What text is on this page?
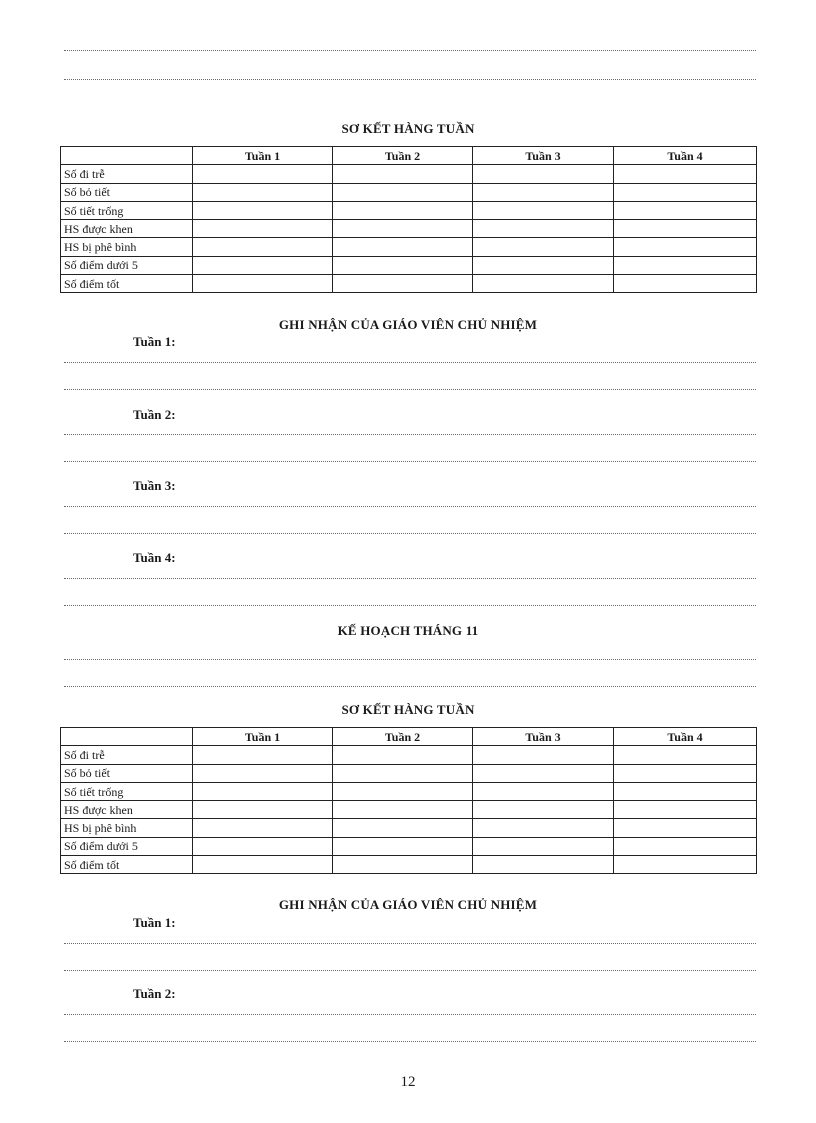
SƠ KẾT HÀNG TUẦN
	Tuần 1	Tuần 2	Tuần 3	Tuần 4
Số đi trễ				
Số bỏ tiết				
Số tiết trống				
HS được khen				
HS bị phê bình				
Số điểm dưới 5				
Số điểm tốt				
GHI NHẬN CỦA GIÁO VIÊN CHỦ NHIỆM
Tuần 1:
Tuần 2:
Tuần 3:
Tuần 4:
KẾ HOẠCH THÁNG 11
SƠ KẾT HÀNG TUẦN
	Tuần 1	Tuần 2	Tuần 3	Tuần 4
Số đi trễ				
Số bỏ tiết				
Số tiết trống				
HS được khen				
HS bị phê bình				
Số điểm dưới 5				
Số điểm tốt				
GHI NHẬN CỦA GIÁO VIÊN CHỦ NHIỆM
Tuần 1:
Tuần 2:
12
